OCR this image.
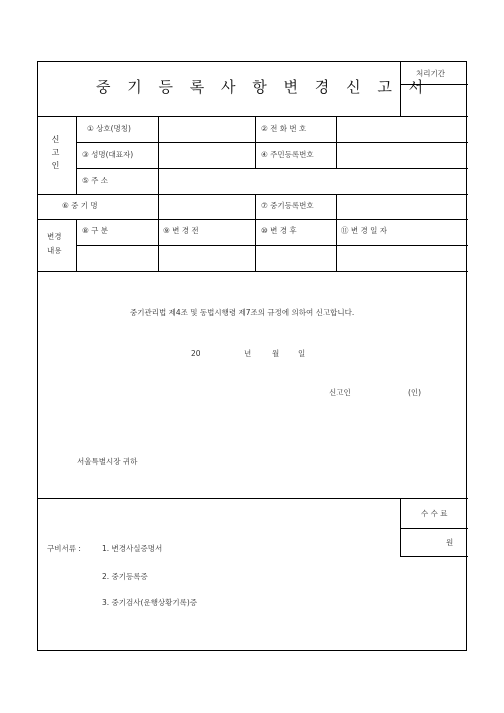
중 기 등 록 사 항 변 경 신 고 서
처리기간
신고인
① 상호(명칭)	② 전 화 번 호
③ 성명(대표자)	④ 주민등록번호
⑤ 주 소
⑥ 중 기 명	⑦ 중기등록번호
변경
내용
⑧ 구 분	⑨ 변 경 전	⑩ 변 경 후	⑪ 변 경 일 자
중기관리법 제4조 및 동법시행령 제7조의 규정에 의하여 신고합니다.
20	년	월	일
신고인	(인)
서울특별시장 귀하
수 수 료
원
구비서류 :	1. 변경사실증명서
2. 중기등록증
3. 중기검사(운행상황기록)증
